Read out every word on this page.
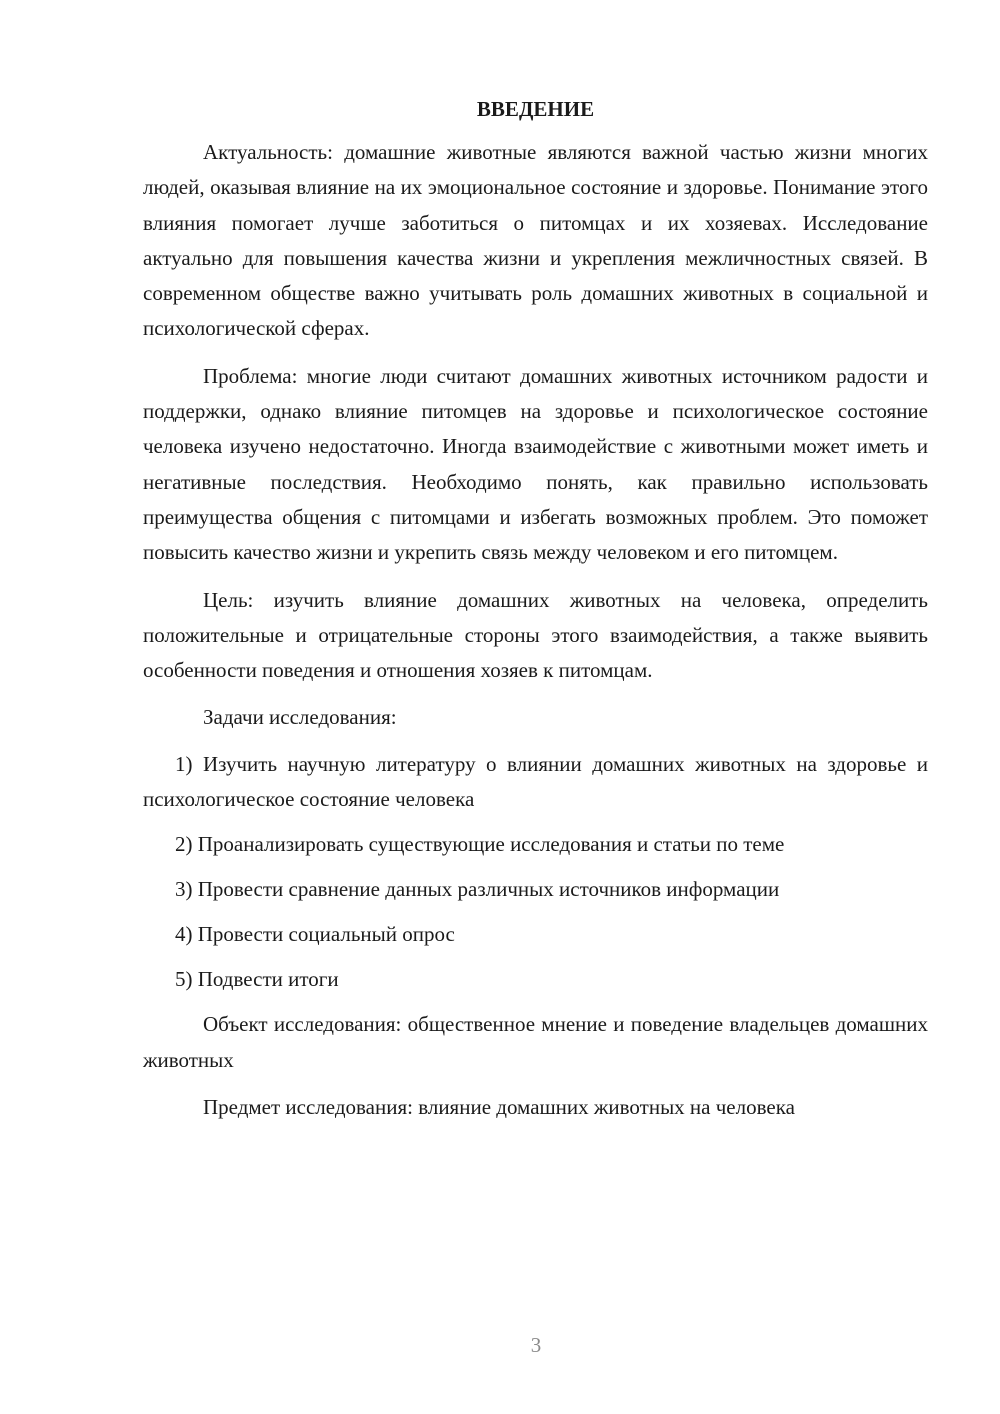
ВВЕДЕНИЕ

Актуальность: домашние животные являются важной частью жизни многих людей, оказывая влияние на их эмоциональное состояние и здоровье. Понимание этого влияния помогает лучше заботиться о питомцах и их хозяевах. Исследование актуально для повышения качества жизни и укрепления межличностных связей. В современном обществе важно учитывать роль домашних животных в социальной и психологической сферах.

Проблема: многие люди считают домашних животных источником радости и поддержки, однако влияние питомцев на здоровье и психологическое состояние человека изучено недостаточно. Иногда взаимодействие с животными может иметь и негативные последствия. Необходимо понять, как правильно использовать преимущества общения с питомцами и избегать возможных проблем. Это поможет повысить качество жизни и укрепить связь между человеком и его питомцем.

Цель: изучить влияние домашних животных на человека, определить положительные и отрицательные стороны этого взаимодействия, а также выявить особенности поведения и отношения хозяев к питомцам.

Задачи исследования:

1) Изучить научную литературу о влиянии домашних животных на здоровье и психологическое состояние человека
2) Проанализировать существующие исследования и статьи по теме
3) Провести сравнение данных различных источников информации
4) Провести социальный опрос
5) Подвести итоги

Объект исследования: общественное мнение и поведение владельцев домашних животных

Предмет исследования: влияние домашних животных на человека

3
